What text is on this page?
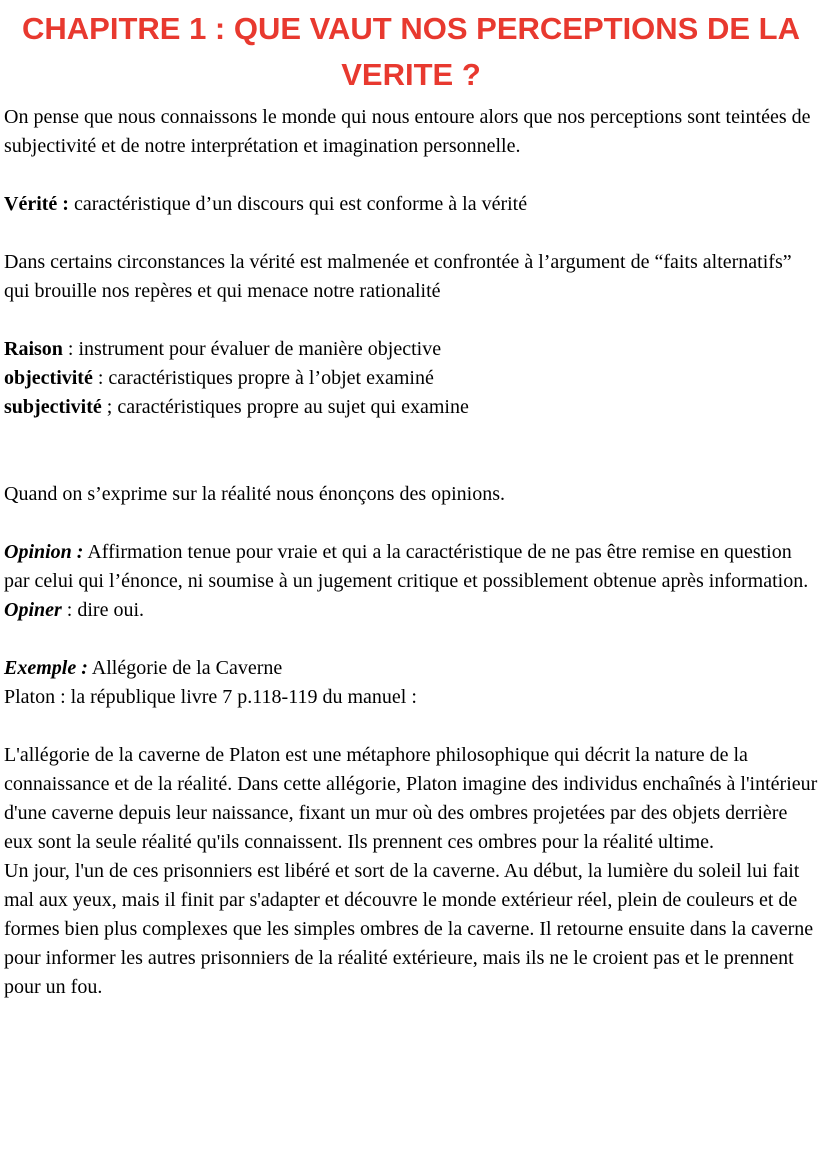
CHAPITRE 1 : QUE VAUT NOS PERCEPTIONS DE LA VERITE ?

On pense que nous connaissons le monde qui nous entoure alors que nos perceptions sont teintées de subjectivité et de notre interprétation et imagination personnelle.

Vérité : caractéristique d’un discours qui est conforme à la vérité

Dans certains circonstances la vérité est malmenée et confrontée à l’argument de “faits alternatifs” qui brouille nos repères et qui menace notre rationalité

Raison : instrument pour évaluer de manière objective

objectivité : caractéristiques propre à l’objet examiné

subjectivité ; caractéristiques propre au sujet qui examine

Quand on s’exprime sur la réalité nous énonçons des opinions.

Opinion : Affirmation tenue pour vraie et qui a la caractéristique de ne pas être remise en question par celui qui l’énonce, ni soumise à un jugement critique et possiblement obtenue après information.

Opiner : dire oui.

Exemple : Allégorie de la Caverne

Platon : la république livre 7 p.118-119 du manuel :

L'allégorie de la caverne de Platon est une métaphore philosophique qui décrit la nature de la connaissance et de la réalité. Dans cette allégorie, Platon imagine des individus enchaînés à l'intérieur d'une caverne depuis leur naissance, fixant un mur où des ombres projetées par des objets derrière eux sont la seule réalité qu'ils connaissent. Ils prennent ces ombres pour la réalité ultime.

Un jour, l'un de ces prisonniers est libéré et sort de la caverne. Au début, la lumière du soleil lui fait mal aux yeux, mais il finit par s'adapter et découvre le monde extérieur réel, plein de couleurs et de formes bien plus complexes que les simples ombres de la caverne. Il retourne ensuite dans la caverne pour informer les autres prisonniers de la réalité extérieure, mais ils ne le croient pas et le prennent pour un fou.
